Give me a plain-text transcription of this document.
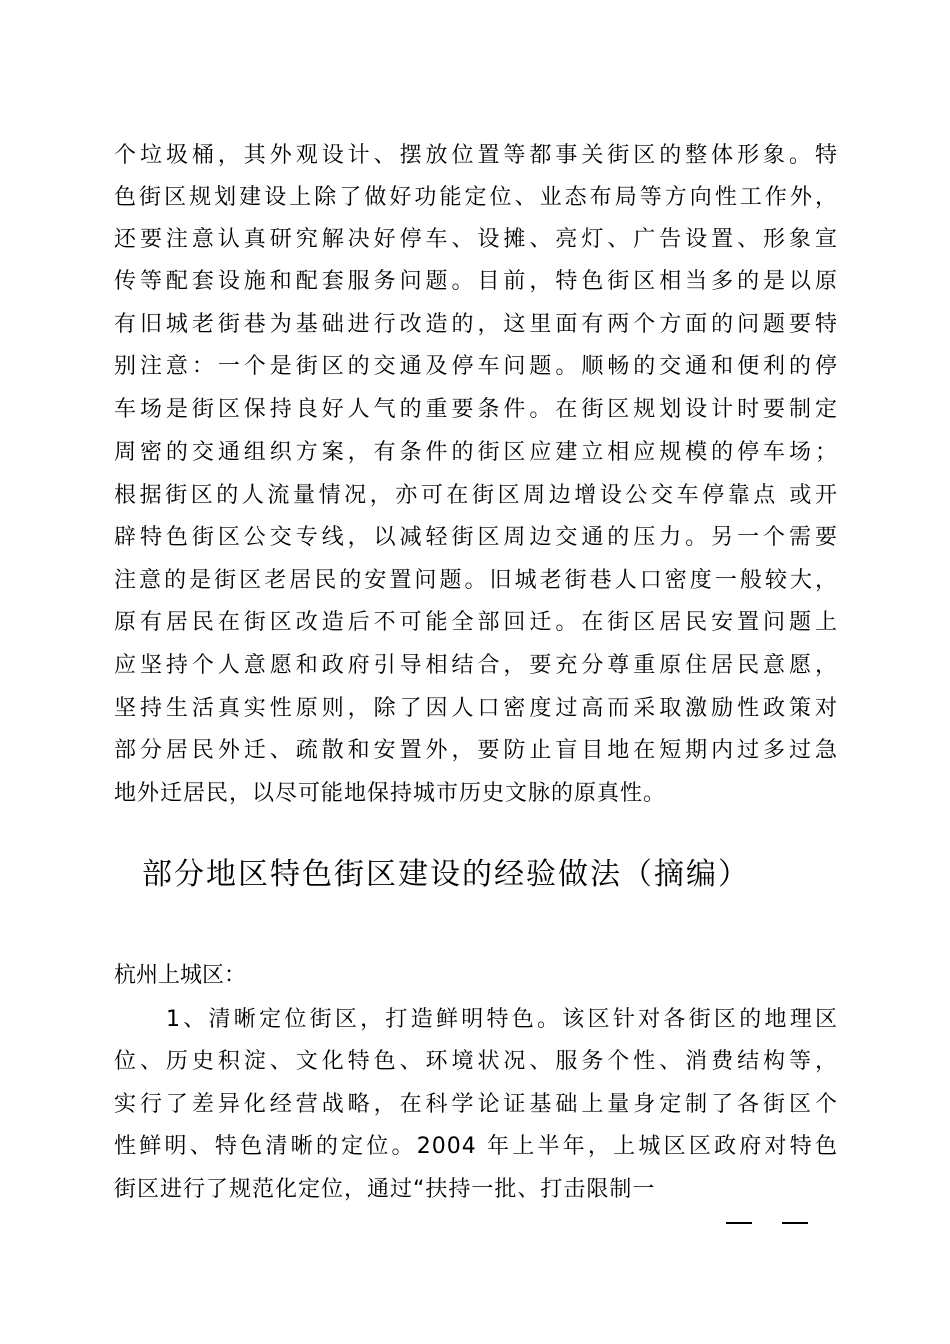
个垃圾桶，其外观设计、摆放位置等都事关街区的整体形象。特
色街区规划建设上除了做好功能定位、业态布局等方向性工作外，
还要注意认真研究解决好停车、设摊、亮灯、广告设置、形象宣
传等配套设施和配套服务问题。目前，特色街区相当多的是以原
有旧城老街巷为基础进行改造的，这里面有两个方面的问题要特
别注意：一个是街区的交通及停车问题。顺畅的交通和便利的停
车场是街区保持良好人气的重要条件。在街区规划设计时要制定
周密的交通组织方案，有条件的街区应建立相应规模的停车场；
根据街区的人流量情况，亦可在街区周边增设公交车停靠点 或开
辟特色街区公交专线，以减轻街区周边交通的压力。另一个需要
注意的是街区老居民的安置问题。旧城老街巷人口密度一般较大，
原有居民在街区改造后不可能全部回迁。在街区居民安置问题上
应坚持个人意愿和政府引导相结合，要充分尊重原住居民意愿，
坚持生活真实性原则，除了因人口密度过高而采取激励性政策对
部分居民外迁、疏散和安置外，要防止盲目地在短期内过多过急
地外迁居民，以尽可能地保持城市历史文脉的原真性。
部分地区特色街区建设的经验做法（摘编）
杭州上城区：
1、清晰定位街区，打造鲜明特色。该区针对各街区的地理区
位、历史积淀、文化特色、环境状况、服务个性、消费结构等，
实行了差异化经营战略，在科学论证基础上量身定制了各街区个
性鲜明、特色清晰的定位。2004 年上半年，上城区区政府对特色
街区进行了规范化定位，通过“扶持一批、打击限制一
